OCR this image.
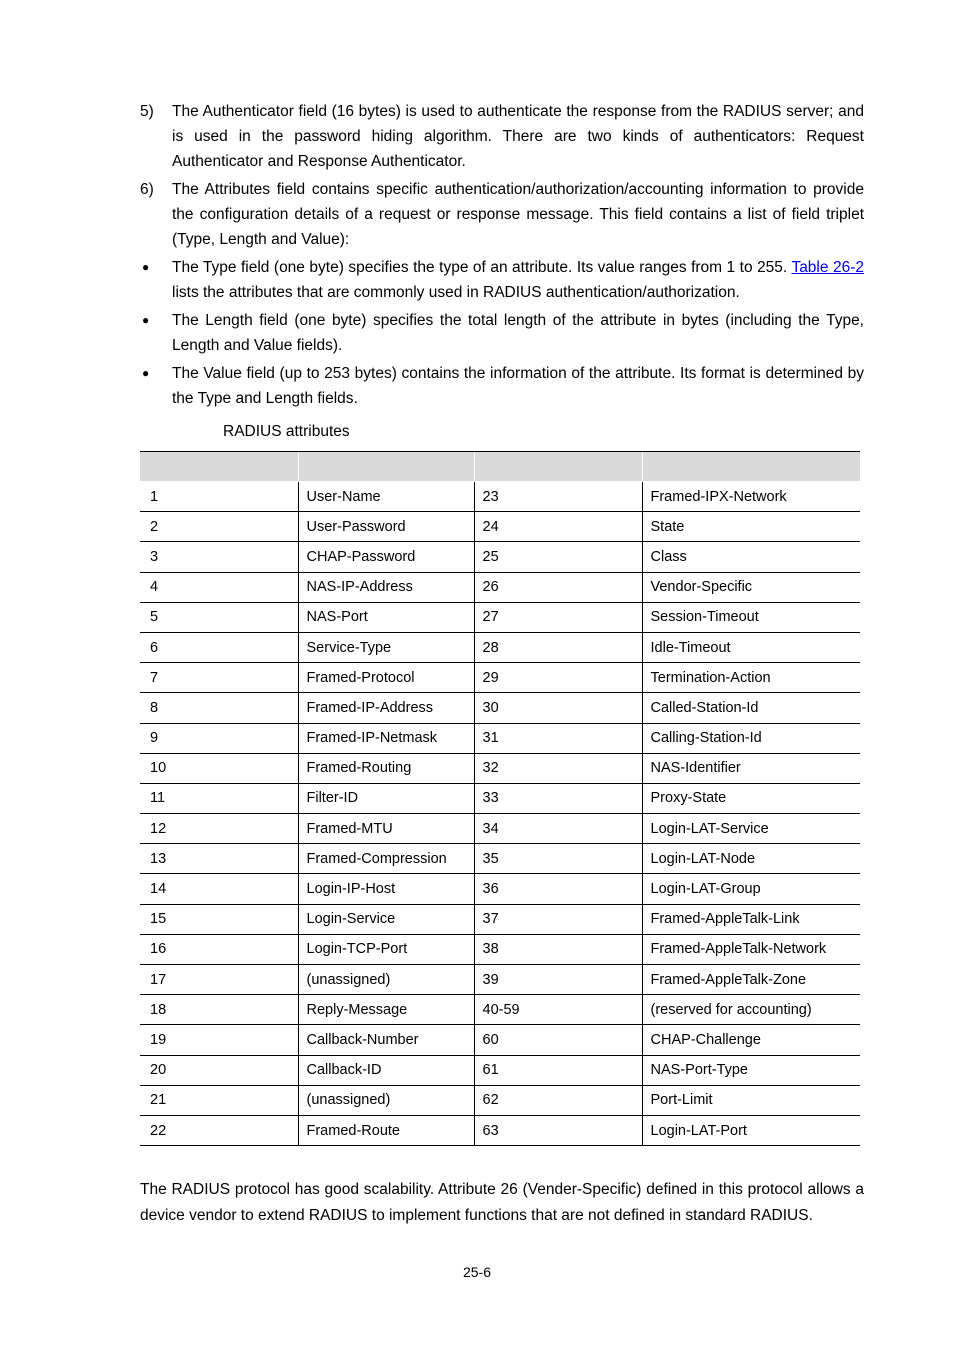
5) The Authenticator field (16 bytes) is used to authenticate the response from the RADIUS server; and is used in the password hiding algorithm. There are two kinds of authenticators: Request Authenticator and Response Authenticator.
6) The Attributes field contains specific authentication/authorization/accounting information to provide the configuration details of a request or response message. This field contains a list of field triplet (Type, Length and Value):
● The Type field (one byte) specifies the type of an attribute. Its value ranges from 1 to 255. Table 26-2 lists the attributes that are commonly used in RADIUS authentication/authorization.
● The Length field (one byte) specifies the total length of the attribute in bytes (including the Type, Length and Value fields).
● The Value field (up to 253 bytes) contains the information of the attribute. Its format is determined by the Type and Length fields.
RADIUS attributes

1	User-Name	23	Framed-IPX-Network
2	User-Password	24	State
3	CHAP-Password	25	Class
4	NAS-IP-Address	26	Vendor-Specific
5	NAS-Port	27	Session-Timeout
6	Service-Type	28	Idle-Timeout
7	Framed-Protocol	29	Termination-Action
8	Framed-IP-Address	30	Called-Station-Id
9	Framed-IP-Netmask	31	Calling-Station-Id
10	Framed-Routing	32	NAS-Identifier
11	Filter-ID	33	Proxy-State
12	Framed-MTU	34	Login-LAT-Service
13	Framed-Compression	35	Login-LAT-Node
14	Login-IP-Host	36	Login-LAT-Group
15	Login-Service	37	Framed-AppleTalk-Link
16	Login-TCP-Port	38	Framed-AppleTalk-Network
17	(unassigned)	39	Framed-AppleTalk-Zone
18	Reply-Message	40-59	(reserved for accounting)
19	Callback-Number	60	CHAP-Challenge
20	Callback-ID	61	NAS-Port-Type
21	(unassigned)	62	Port-Limit
22	Framed-Route	63	Login-LAT-Port
The RADIUS protocol has good scalability. Attribute 26 (Vender-Specific) defined in this protocol allows a device vendor to extend RADIUS to implement functions that are not defined in standard RADIUS.
25-6
